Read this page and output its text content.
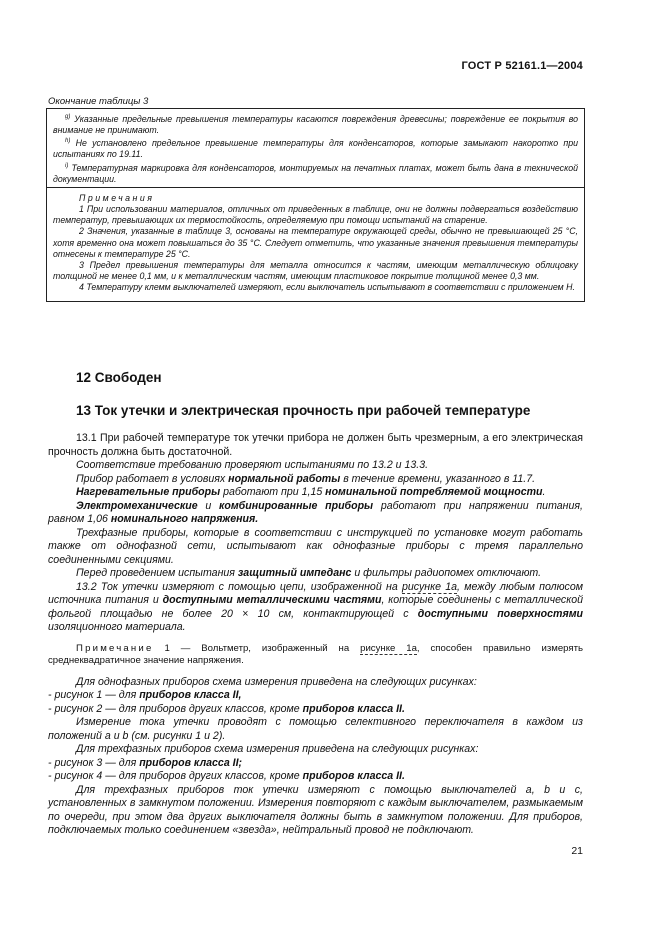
ГОСТ Р 52161.1—2004
Окончание таблицы 3
$^{g)}$ Указанные предельные превышения температуры касаются повреждения древесины; повреждение ее покрытия во внимание не принимают.
$^{h)}$ Не установлено предельное превышение температуры для конденсаторов, которые замыкают накоротко при испытаниях по 19.11.
$^{i)}$ Температурная маркировка для конденсаторов, монтируемых на печатных платах, может быть дана в технической документации.
Примечания
1 При использовании материалов, отличных от приведенных в таблице, они не должны подвергаться воздействию температур, превышающих их термостойкость, определяемую при помощи испытаний на старение.
2 Значения, указанные в таблице 3, основаны на температуре окружающей среды, обычно не превышающей 25 °С, хотя временно она может повышаться до 35 °С. Следует отметить, что указанные значения превышения температуры отнесены к температуре 25 °С.
3 Предел превышения температуры для металла относится к частям, имеющим металлическую облицовку толщиной не менее 0,1 мм, и к металлическим частям, имеющим пластиковое покрытие толщиной менее 0,3 мм.
4 Температуру клемм выключателей измеряют, если выключатель испытывают в соответствии с приложением Н.
12 Свободен
13 Ток утечки и электрическая прочность при рабочей температуре
13.1 При рабочей температуре ток утечки прибора не должен быть чрезмерным, а его электрическая прочность должна быть достаточной.
Соответствие требованию проверяют испытаниями по 13.2 и 13.3.
Прибор работает в условиях нормальной работы в течение времени, указанного в 11.7.
Нагревательные приборы работают при 1,15 номинальной потребляемой мощности.
Электромеханические и комбинированные приборы работают при напряжении питания, равном 1,06 номинального напряжения.
Трехфазные приборы, которые в соответствии с инструкцией по установке могут работать также от однофазной сети, испытывают как однофазные приборы с тремя параллельно соединенными секциями.
Перед проведением испытания защитный импеданс и фильтры радиопомех отключают.
13.2 Ток утечки измеряют с помощью цепи, изображенной на рисунке 1а, между любым полюсом источника питания и доступными металлическими частями, которые соединены с металлической фольгой площадью не более 20 × 10 см, контактирующей с доступными поверхностями изоляционного материала.
Примечание 1 — Вольтметр, изображенный на рисунке 1а, способен правильно измерять среднеквадратичное значение напряжения.
Для однофазных приборов схема измерения приведена на следующих рисунках:
- рисунок 1 — для приборов класса II,
- рисунок 2 — для приборов других классов, кроме приборов класса II.
Измерение тока утечки проводят с помощью селективного переключателя в каждом из положений а и b (см. рисунки 1 и 2).
Для трехфазных приборов схема измерения приведена на следующих рисунках:
- рисунок 3 — для приборов класса II;
- рисунок 4 — для приборов других классов, кроме приборов класса II.
Для трехфазных приборов ток утечки измеряют с помощью выключателей а, b и с, установленных в замкнутом положении. Измерения повторяют с каждым выключателем, размыкаемым по очереди, при этом два других выключателя должны быть в замкнутом положении. Для приборов, подключаемых только соединением «звезда», нейтральный провод не подключают.
21
